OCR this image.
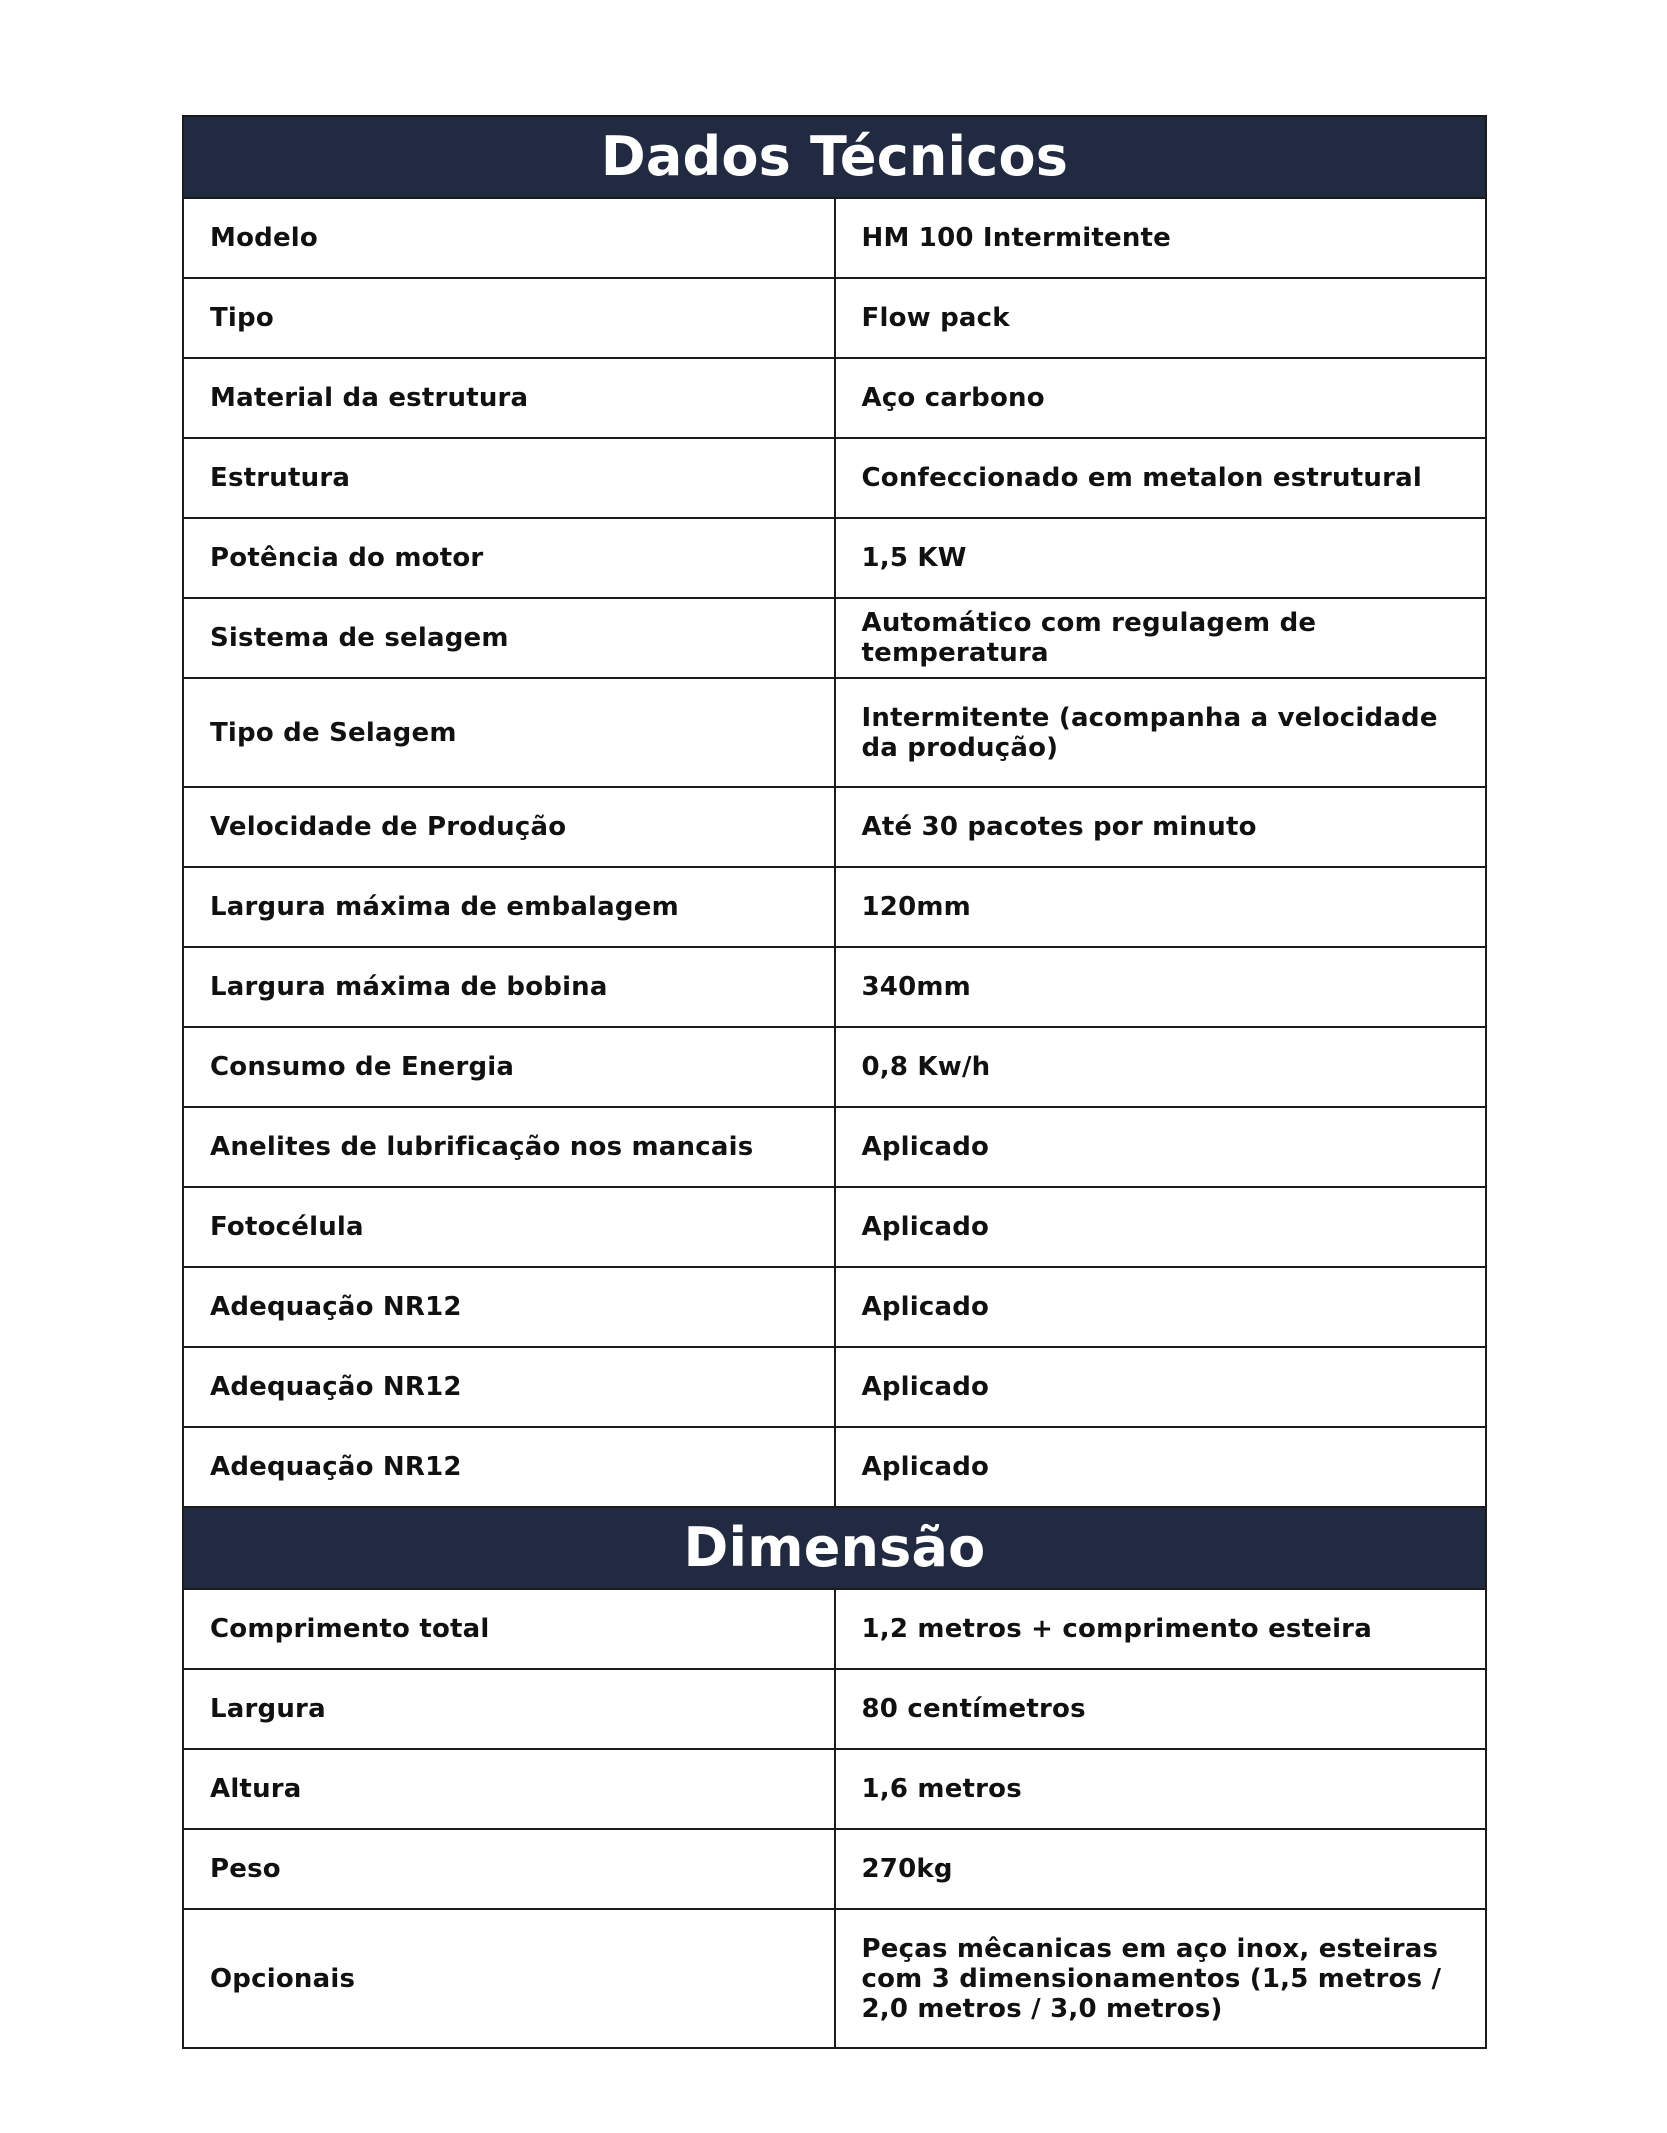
Dados Técnicos	
Modelo	HM 100 Intermitente
Tipo	Flow pack
Material da estrutura	Aço carbono
Estrutura	Confeccionado em metalon estrutural
Potência do motor	1,5 KW
Sistema de selagem	Automático com regulagem de temperatura
Tipo de Selagem	Intermitente (acompanha a velocidade da produção)
Velocidade de Produção	Até 30 pacotes por minuto
Largura máxima de embalagem	120mm
Largura máxima de bobina	340mm
Consumo de Energia	0,8 Kw/h
Anelites de lubrificação nos mancais	Aplicado
Fotocélula	Aplicado
Adequação NR12	Aplicado
Adequação NR12	Aplicado
Adequação NR12	Aplicado
Dimensão	
Comprimento total	1,2 metros + comprimento esteira
Largura	80 centímetros
Altura	1,6 metros
Peso	270kg
Opcionais	Peças mêcanicas em aço inox, esteiras com 3 dimensionamentos (1,5 metros / 2,0 metros / 3,0 metros)
